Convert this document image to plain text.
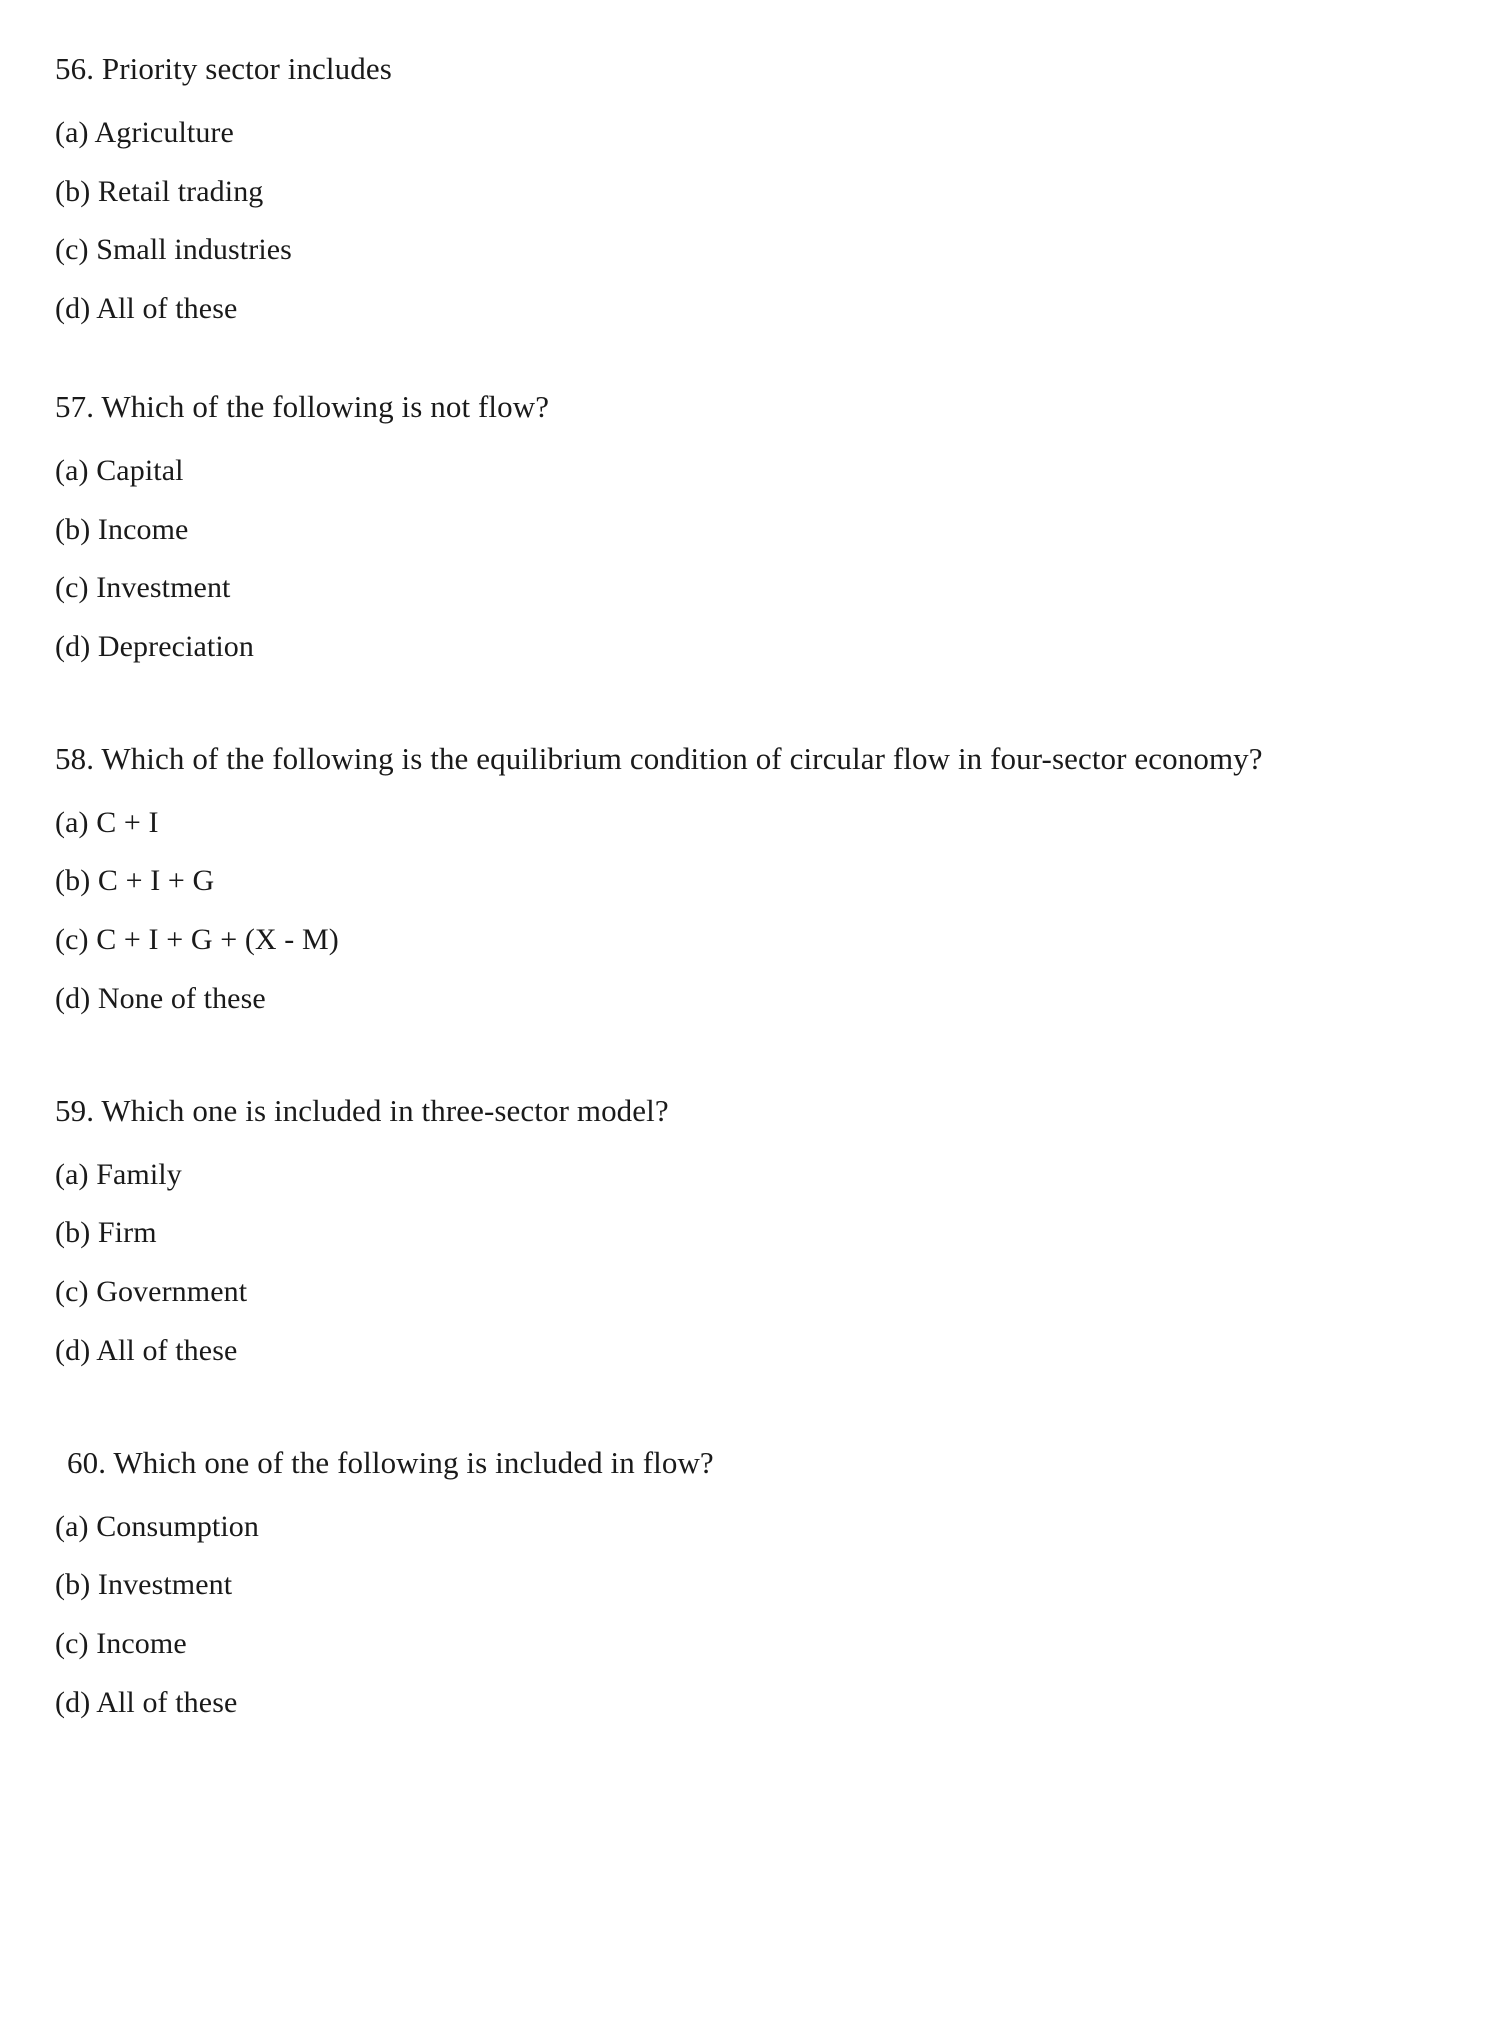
56. Priority sector includes

(a) Agriculture

(b) Retail trading

(c) Small industries

(d) All of these

57. Which of the following is not flow?

(a) Capital

(b) Income

(c) Investment

(d) Depreciation

58. Which of the following is the equilibrium condition of circular flow in four-sector economy?

(a) C + I

(b) C + I + G

(c) C + I + G + (X - M)

(d) None of these

59. Which one is included in three-sector model?

(a) Family

(b) Firm

(c) Government

(d) All of these

60. Which one of the following is included in flow?

(a) Consumption

(b) Investment

(c) Income

(d) All of these
